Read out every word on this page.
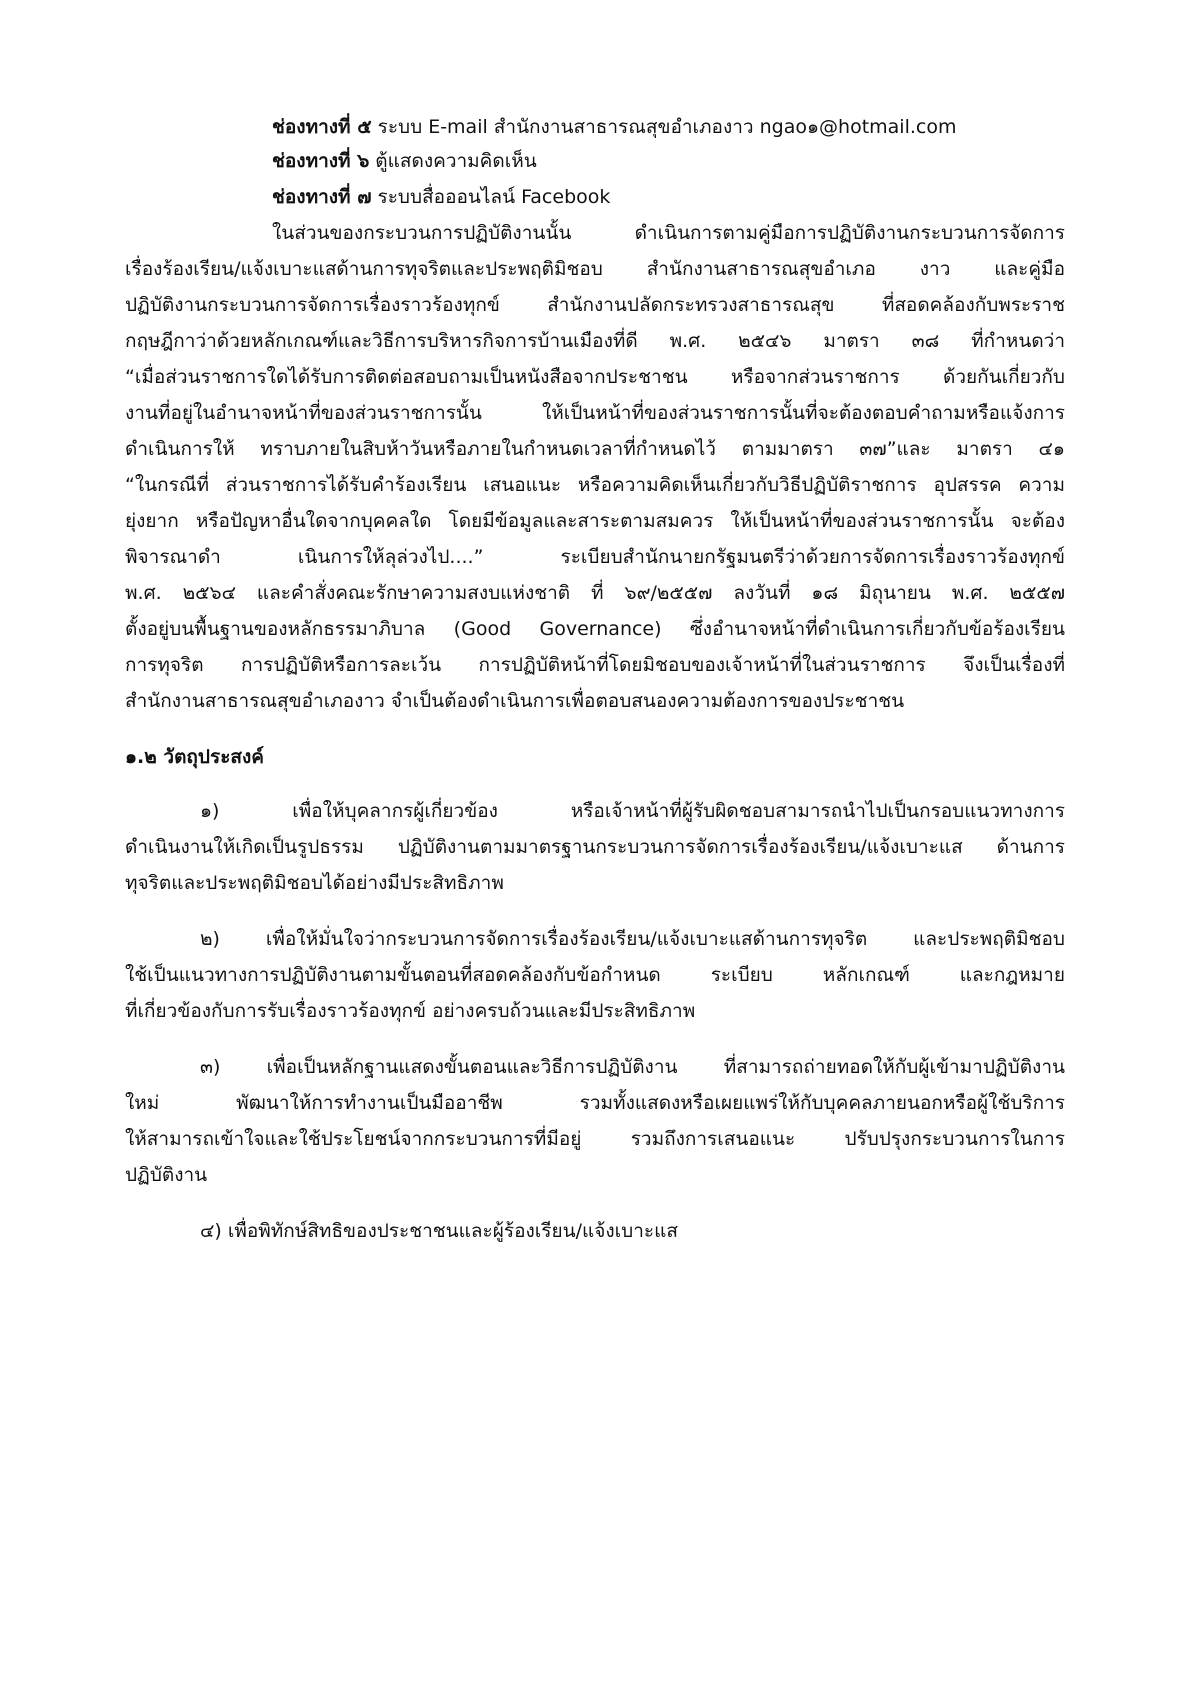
ช่องทางที่ ๕ ระบบ E-mail สำนักงานสาธารณสุขอำเภองาว ngao๑@hotmail.com
ช่องทางที่ ๖ ตู้แสดงความคิดเห็น
ช่องทางที่ ๗ ระบบสื่อออนไลน์ Facebook
ในส่วนของกระบวนการปฏิบัติงานนั้น ดำเนินการตามคู่มือการปฏิบัติงานกระบวนการจัดการ
เรื่องร้องเรียน/แจ้งเบาะแสด้านการทุจริตและประพฤติมิชอบ สำนักงานสาธารณสุขอำเภอ งาว และคู่มือ
ปฏิบัติงานกระบวนการจัดการเรื่องราวร้องทุกข์ สำนักงานปลัดกระทรวงสาธารณสุข ที่สอดคล้องกับพระราช
กฤษฎีกาว่าด้วยหลักเกณฑ์และวิธีการบริหารกิจการบ้านเมืองที่ดี พ.ศ. ๒๕๔๖ มาตรา ๓๘ ที่กำหนดว่า
“เมื่อส่วนราชการใดได้รับการติดต่อสอบถามเป็นหนังสือจากประชาชน หรือจากส่วนราชการ ด้วยกันเกี่ยวกับ
งานที่อยู่ในอำนาจหน้าที่ของส่วนราชการนั้น ให้เป็นหน้าที่ของส่วนราชการนั้นที่จะต้องตอบคำถามหรือแจ้งการ
ดำเนินการให้ ทราบภายในสิบห้าวันหรือภายในกำหนดเวลาที่กำหนดไว้ ตามมาตรา ๓๗”และ มาตรา ๔๑
“ในกรณีที่ ส่วนราชการได้รับคำร้องเรียน เสนอแนะ หรือความคิดเห็นเกี่ยวกับวิธีปฏิบัติราชการ อุปสรรค ความ
ยุ่งยาก หรือปัญหาอื่นใดจากบุคคลใด โดยมีข้อมูลและสาระตามสมควร ให้เป็นหน้าที่ของส่วนราชการนั้น จะต้อง
พิจารณาดำ เนินการให้ลุล่วงไป....” ระเบียบสำนักนายกรัฐมนตรีว่าด้วยการจัดการเรื่องราวร้องทุกข์
พ.ศ. ๒๕๖๔ และคำสั่งคณะรักษาความสงบแห่งชาติ ที่ ๖๙/๒๕๕๗ ลงวันที่ ๑๘ มิถุนายน พ.ศ. ๒๕๕๗
ตั้งอยู่บนพื้นฐานของหลักธรรมาภิบาล (Good Governance) ซึ่งอำนาจหน้าที่ดำเนินการเกี่ยวกับข้อร้องเรียน
การทุจริต การปฏิบัติหรือการละเว้น การปฏิบัติหน้าที่โดยมิชอบของเจ้าหน้าที่ในส่วนราชการ จึงเป็นเรื่องที่
สำนักงานสาธารณสุขอำเภองาว จำเป็นต้องดำเนินการเพื่อตอบสนองความต้องการของประชาชน
๑.๒ วัตถุประสงค์
๑) เพื่อให้บุคลากรผู้เกี่ยวข้อง หรือเจ้าหน้าที่ผู้รับผิดชอบสามารถนำไปเป็นกรอบแนวทางการ
ดำเนินงานให้เกิดเป็นรูปธรรม ปฏิบัติงานตามมาตรฐานกระบวนการจัดการเรื่องร้องเรียน/แจ้งเบาะแส ด้านการ
ทุจริตและประพฤติมิชอบได้อย่างมีประสิทธิภาพ
๒) เพื่อให้มั่นใจว่ากระบวนการจัดการเรื่องร้องเรียน/แจ้งเบาะแสด้านการทุจริต และประพฤติมิชอบ
ใช้เป็นแนวทางการปฏิบัติงานตามขั้นตอนที่สอดคล้องกับข้อกำหนด ระเบียบ หลักเกณฑ์ และกฎหมาย
ที่เกี่ยวข้องกับการรับเรื่องราวร้องทุกข์ อย่างครบถ้วนและมีประสิทธิภาพ
๓) เพื่อเป็นหลักฐานแสดงขั้นตอนและวิธีการปฏิบัติงาน ที่สามารถถ่ายทอดให้กับผู้เข้ามาปฏิบัติงาน
ใหม่ พัฒนาให้การทำงานเป็นมืออาชีพ รวมทั้งแสดงหรือเผยแพร่ให้กับบุคคลภายนอกหรือผู้ใช้บริการ
ให้สามารถเข้าใจและใช้ประโยชน์จากกระบวนการที่มีอยู่ รวมถึงการเสนอแนะ ปรับปรุงกระบวนการในการ
ปฏิบัติงาน
๔) เพื่อพิทักษ์สิทธิของประชาชนและผู้ร้องเรียน/แจ้งเบาะแส
